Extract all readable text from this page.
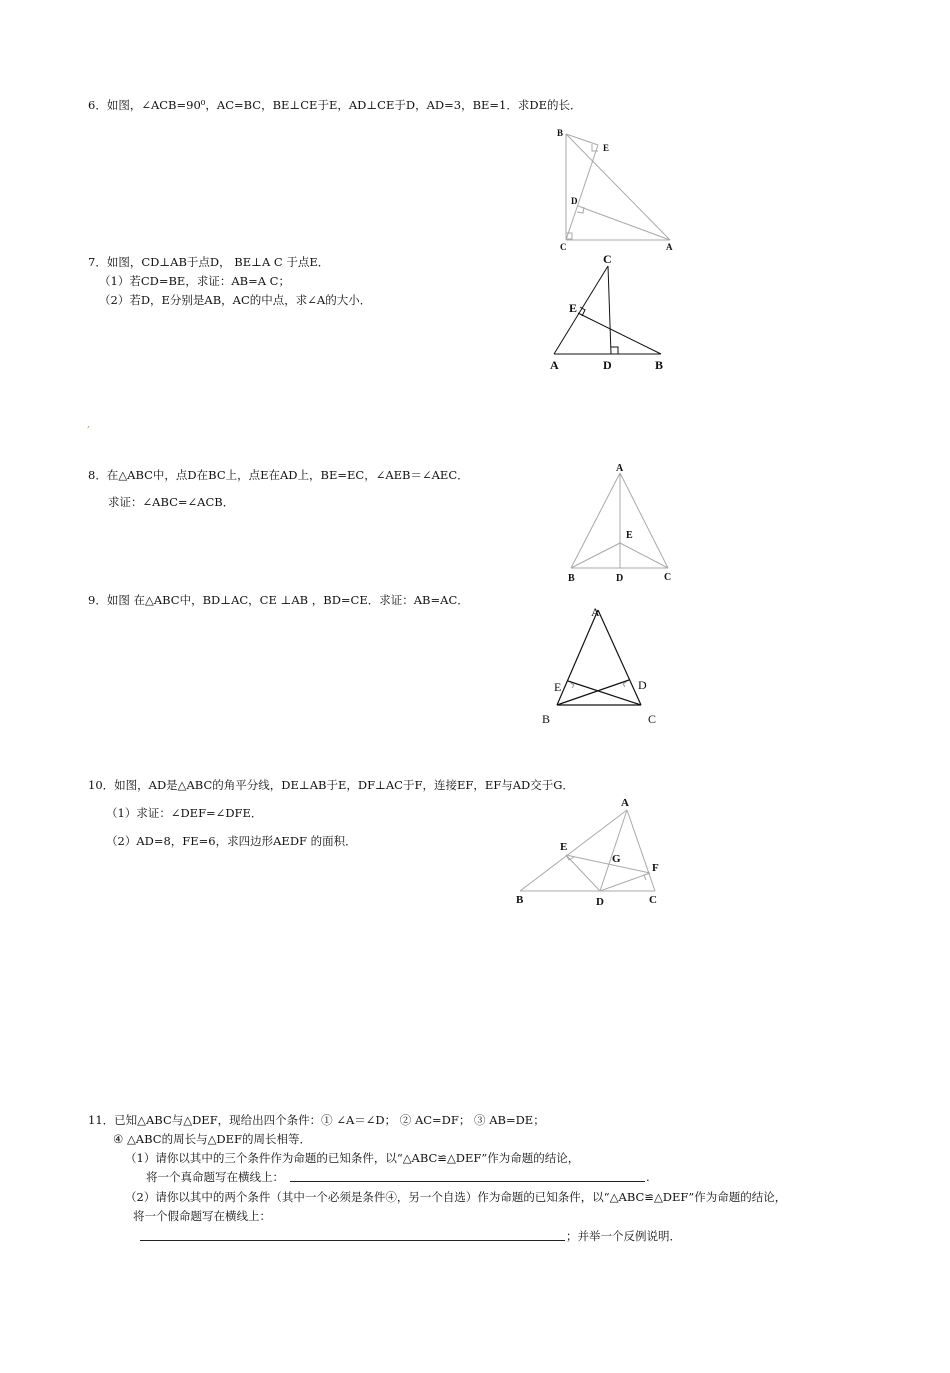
6．如图，∠ACB=90⁰，AC=BC，BE⊥CE于E，AD⊥CE于D，AD=3，BE=1．求DE的长．
B
E
D
C	A
7．如图，CD⊥AB于点D， BE⊥A C 于点E．
（1）若CD=BE，求证：AB=A C；
（2）若D，E分别是AB，AC的中点，求∠A的大小．
C
E
A	D	B
,
8．在△ABC中，点D在BC上，点E在AD上，BE=EC，∠AEB＝∠AEC．
求证：∠ABC=∠ACB．
A
E
B	D	C
9．如图 在△ABC中，BD⊥AC，CE ⊥AB ，BD=CE．求证：AB=AC．
A
E	D
B	C
10．如图，AD是△ABC的角平分线，DE⊥AB于E，DF⊥AC于F，连接EF，EF与AD交于G．
（1）求证：∠DEF=∠DFE．
（2）AD=8，FE=6，求四边形AEDF 的面积．
A
E
G
F
B	D	C
11．已知△ABC与△DEF，现给出四个条件：① ∠A＝∠D； ② AC=DF； ③ AB=DE；
④ △ABC的周长与△DEF的周长相等．
（1）请你以其中的三个条件作为命题的已知条件，以“△ABC≌△DEF”作为命题的结论，
将一个真命题写在横线上：	.
（2）请你以其中的两个条件（其中一个必须是条件④，另一个自选）作为命题的已知条件，以“△ABC≌△DEF”作为命题的结论，
将一个假命题写在横线上：
；并举一个反例说明．
